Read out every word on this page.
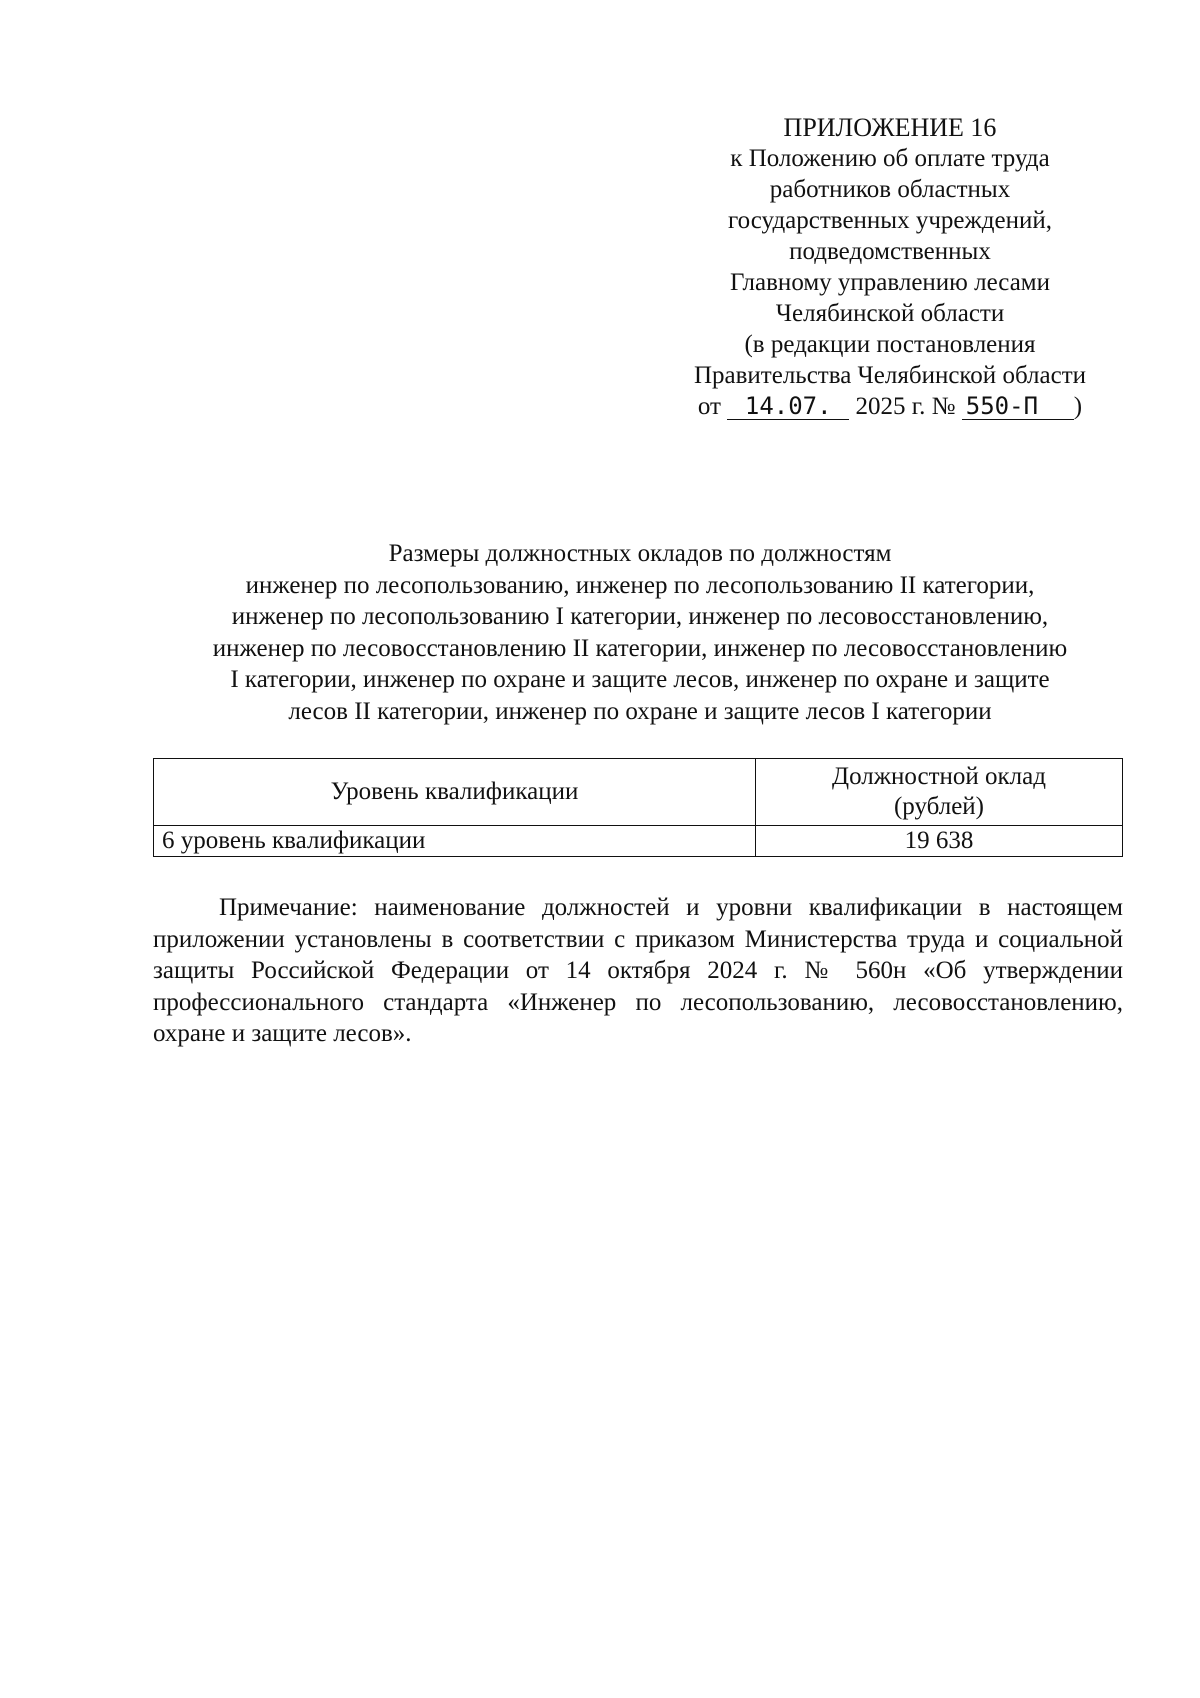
ПРИЛОЖЕНИЕ 16
к Положению об оплате труда
работников областных
государственных учреждений,
подведомственных
Главному управлению лесами
Челябинской области
(в редакции постановления
Правительства Челябинской области
от 14.07. 2025 г. № 550-П )
Размеры должностных окладов по должностям
инженер по лесопользованию, инженер по лесопользованию II категории,
инженер по лесопользованию I категории, инженер по лесовосстановлению,
инженер по лесовосстановлению II категории, инженер по лесовосстановлению
I категории, инженер по охране и защите лесов, инженер по охране и защите
лесов II категории, инженер по охране и защите лесов I категории
Уровень квалификации	Должностной оклад
(рублей)

6 уровень квалификации	19 638
Примечание: наименование должностей и уровни квалификации в настоящем приложении установлены в соответствии с приказом Министерства труда и социальной защиты Российской Федерации от 14 октября 2024 г. № 560н «Об утверждении профессионального стандарта «Инженер по лесопользованию, лесовосстановлению, охране и защите лесов».
